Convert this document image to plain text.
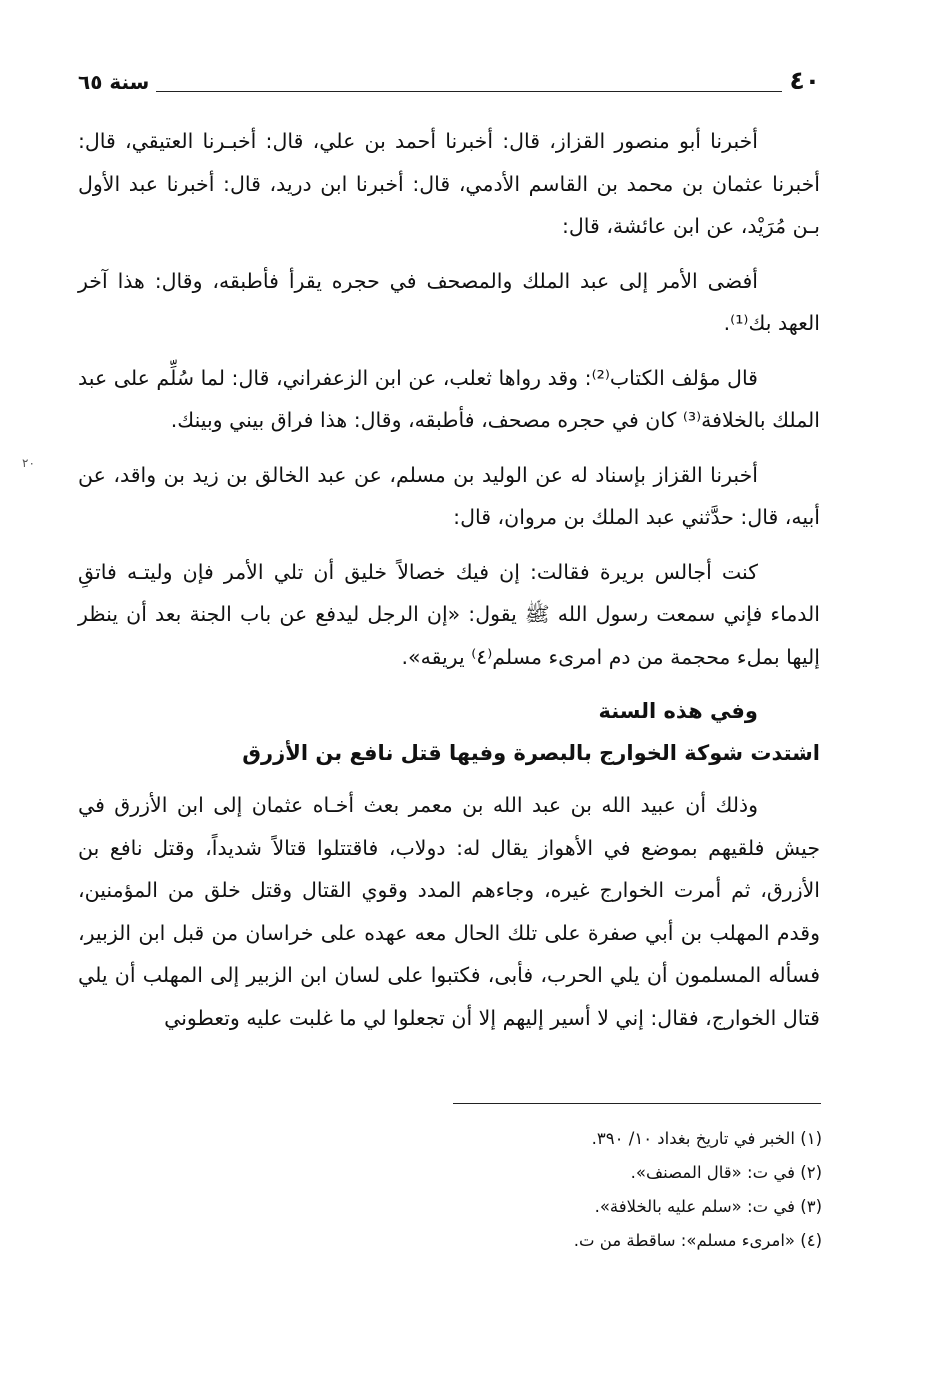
٤٠
سنة ٦٥
٢٠

أخبرنا أبو منصور القزاز، قال: أخبرنا أحمد بن علي، قال: أخبـرنا العتيقي، قال: أخبرنا عثمان بن محمد بن القاسم الأدمي، قال: أخبرنا ابن دريد، قال: أخبرنا عبد الأول بـن مُرَيْد، عن ابن عائشة، قال:

أفضى الأمر إلى عبد الملك والمصحف في حجره يقرأ فأطبقه، وقال: هذا آخر العهد بك⁽¹⁾.

قال مؤلف الكتاب⁽²⁾: وقد رواها ثعلب، عن ابن الزعفراني، قال: لما سُلِّم على عبد الملك بالخلافة⁽³⁾ كان في حجره مصحف، فأطبقه، وقال: هذا فراق بيني وبينك.

أخبرنا القزاز بإسناد له عن الوليد بن مسلم، عن عبد الخالق بن زيد بن واقد، عن أبيه، قال: حدَّثني عبد الملك بن مروان، قال:

كنت أجالس بريرة فقالت: إن فيك خصالاً خليق أن تلي الأمر فإن وليتـه فاتقِ الدماء فإني سمعت رسول الله ﷺ يقول: «إن الرجل ليدفع عن باب الجنة بعد أن ينظر إليها بملء محجمة من دم امرىء مسلم⁽٤⁾ يريقه».

وفي هذه السنة
اشتدت شوكة الخوارج بالبصرة وفيها قتل نافع بن الأزرق

وذلك أن عبيد الله بن عبد الله بن معمر بعث أخـاه عثمان إلى ابن الأزرق في جيش فلقيهم بموضع في الأهواز يقال له: دولاب، فاقتتلوا قتالاً شديداً، وقتل نافع بن الأزرق، ثم أمرت الخوارج غيره، وجاءهم المدد وقوي القتال وقتل خلق من المؤمنين، وقدم المهلب بن أبي صفرة على تلك الحال معه عهده على خراسان من قبل ابن الزبير، فسأله المسلمون أن يلي الحرب، فأبى، فكتبوا على لسان ابن الزبير إلى المهلب أن يلي قتال الخوارج، فقال: إني لا أسير إليهم إلا أن تجعلوا لي ما غلبت عليه وتعطوني

(١) الخبر في تاريخ بغداد ١٠/ ٣٩٠.

(٢) في ت: «قال المصنف».

(٣) في ت: «سلم عليه بالخلافة».

(٤) «امرىء مسلم»: ساقطة من ت.
